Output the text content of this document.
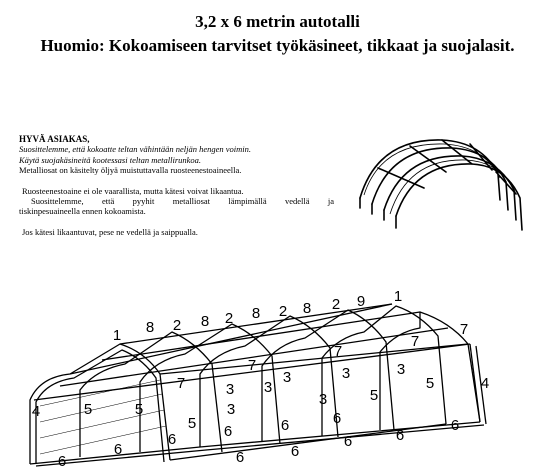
3,2 x 6 metrin autotalli
Huomio: Kokoamiseen tarvitset työkäsineet, tikkaat ja suojalasit.
HYVÄ ASIAKAS,
Suosittelemme, että kokoatte teltan vähintään neljän hengen voimin.
Käytä suojakäsineitä kootessasi teltan metallirunkoa.
Metalliosat on käsitelty öljyä muistuttavalla ruosteenestoaineella.
Ruosteenestoaine ei ole vaarallista, mutta kätesi voivat likaantua.
Suosittelemme, että pyyhit metalliosat lämpimällä vedellä ja
tiskinpesuaineella ennen kokoamista.
Jos kätesi likaantuvat, pese ne vedellä ja saippualla.
1 8 2 8 2 8 2 8 2 9 1
7
7
7
7
7
4
4
5	5
5
5
5
3 3
3	3	3
3
3
6
6
6
6	6
6	6
6
6	6	6
